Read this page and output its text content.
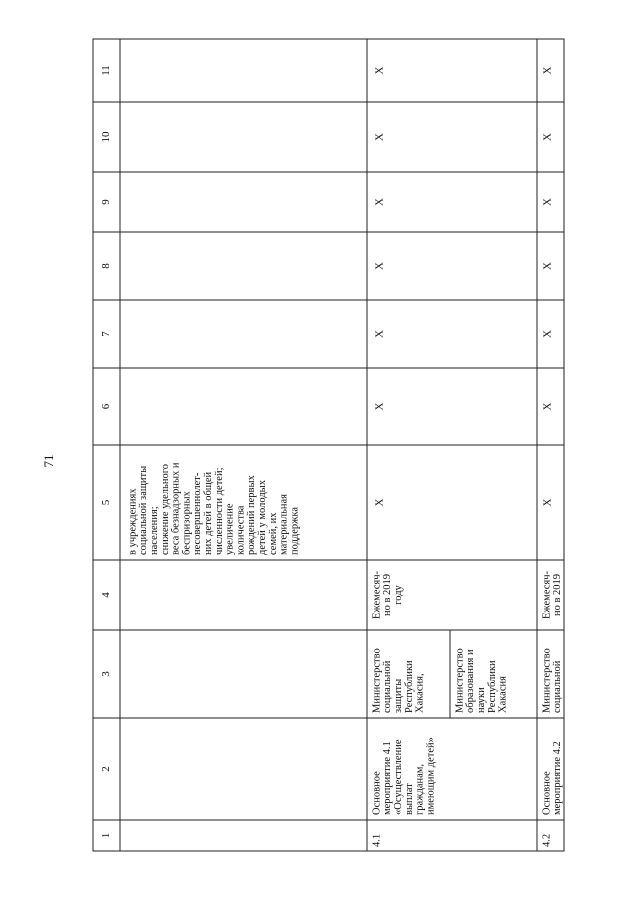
71
1
2
3
4
5
6
7
8
9
10
11
в учреждениях социальной защиты населения; снижение удельного веса безнадзорных и беспризорных несовершеннолет- них детей в общей численности детей; увеличение количества рождений первых детей у молодых семей, их материальная поддержка
4.1
Основное мероприятие 4.1 «Осуществление выплат гражданам, имеющим детей»
Министерство социальной защиты Республики Хакасия,	Министерство образования и науки Республики Хакасия
Ежемесяч- но в 2019 году
X
X
X
X
X
X
X
4.2
Основное мероприятие 4.2
Министерство социальной
Ежемесяч- но в 2019
X
X
X
X
X
X
X
